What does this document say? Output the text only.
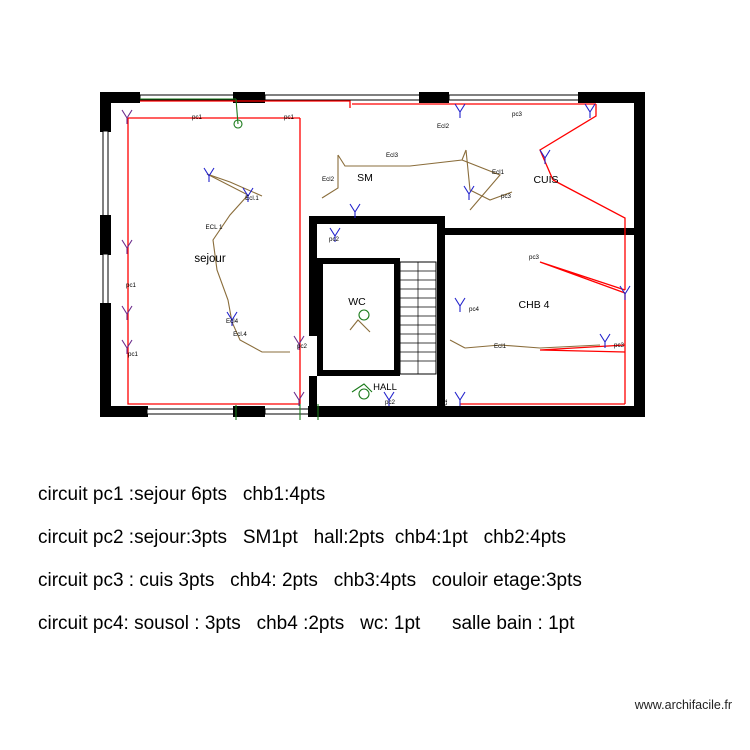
sejour
SM	CUIS
WC	CHB 4
HALL
pc1	pc1
Ecl2
pc3
Ecl3
Ecl2
Ecl1
pc3
Ecl.1
ECL 1
pc2
pc1
pc3
pc4
Ecl.4
pc1
pc2	Ecl1	pc3
pc2	pc2
Ecl4
circuit pc1 :sejour 6pts   chb1:4pts
circuit pc2 :sejour:3pts   SM1pt   hall:2pts  chb4:1pt   chb2:4pts
circuit pc3 : cuis 3pts   chb4: 2pts   chb3:4pts   couloir etage:3pts
circuit pc4: sousol : 3pts   chb4 :2pts   wc: 1pt      salle bain : 1pt
www.archifacile.fr
